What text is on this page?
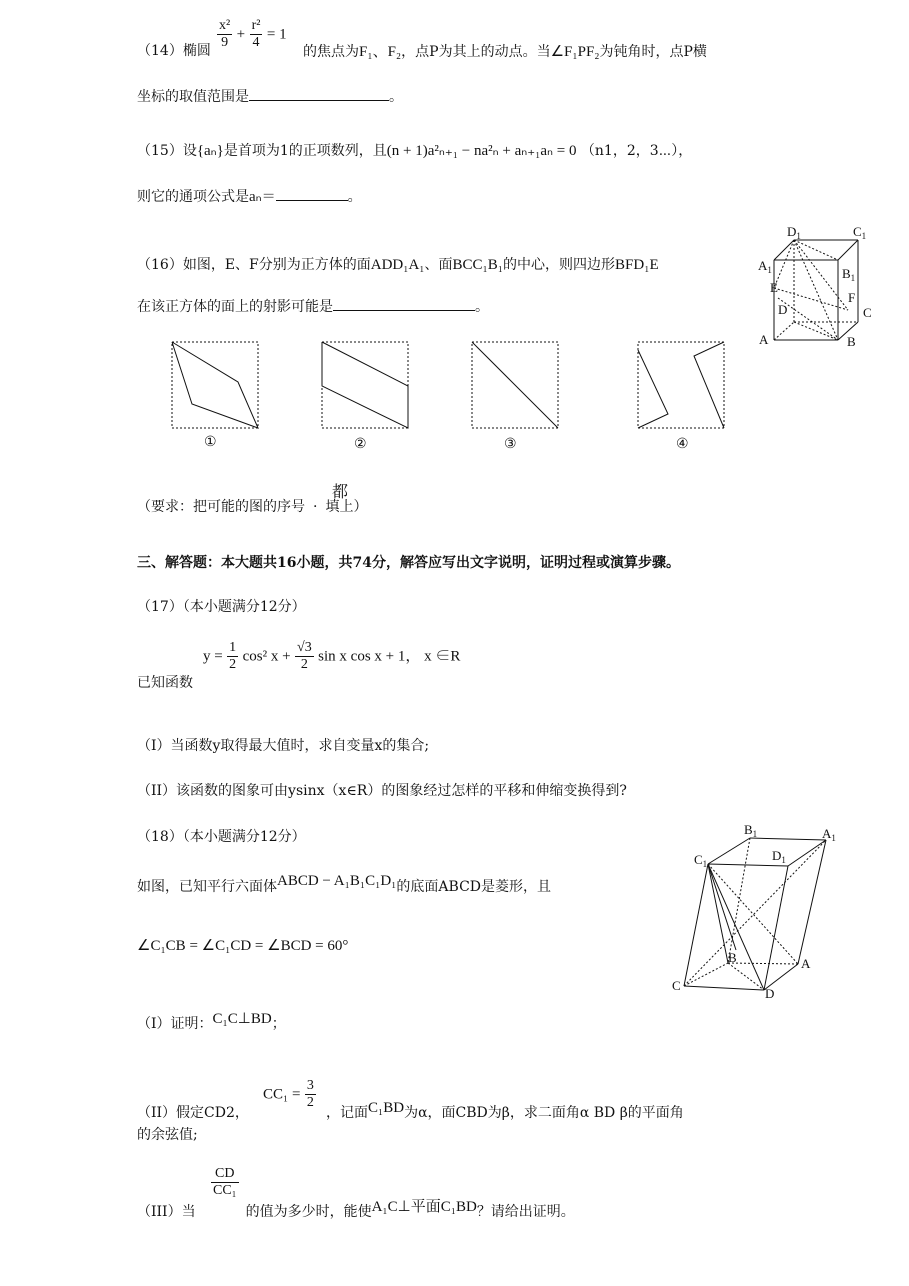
（14）椭圆 $\frac{\text{x²}}{9} + \frac{\text{r²}}{4} = 1$
的焦点为F₁、F₂，点P为其上的动点。当∠F₁PF₂为钝角时，点P横
坐标的取值范围是	。
（15）设{aₙ}是首项为1的正项数列，且(n + 1)a²ₙ₊₁ − na²ₙ + aₙ₊₁aₙ = 0 （n1，2，3⋯），
则它的通项公式是aₙ＝	。
（16）如图，E、F分别为正方体的面ADD₁A₁、面BCC₁B₁的中心，则四边形BFD₁E
在该正方体的面上的射影可能是	。
$D_1$	$C_1$
$A_1$	$B_1$
E
F
D	C
A	B
①	②	③	④
都
（要求：把可能的图的序号 · 填上）
三、解答题：本大题共16小题，共74分，解答应写出文字说明，证明过程或演算步骤。
（17）（本小题满分12分）
$y = \frac{1}{2} \cos^2$ $x + \frac{√3}{2}$ sin x cos x + 1， x ∈R
已知函数
（I）当函数y取得最大值时，求自变量x的集合;
（II）该函数的图象可由ysinx（x∈R）的图象经过怎样的平移和伸缩变换得到?
（18）（本小题满分12分）
如图，已知平行六面体ABCD − A₁B₁C₁D₁的底面ABCD是菱形，且
∠C₁CB = ∠C₁CD = ∠BCD = 60°
（I）证明：C₁C⊥BD；
（II）假定CD2，
$CC_1 = \frac{3}{2}$
，记面C₁BD为α，面CBD为β，求二面角α BD β的平面角
的余弦值;
$\frac{CD}{\text{CC₁}}$
（III）当	的值为多少时，能使A₁C⊥平面C₁BD？请给出证明。
$B_1$	$A_1$
$C_1$
$D_1$
B	A
C
D
